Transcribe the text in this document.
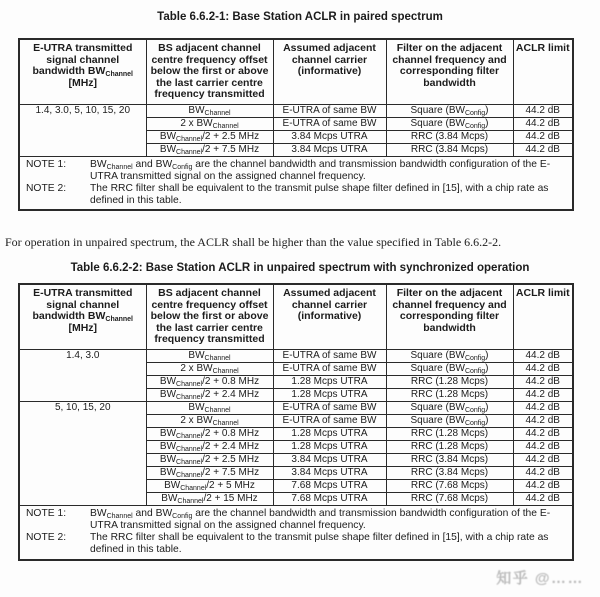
Table 6.6.2-1: Base Station ACLR in paired spectrum
E-UTRA transmitted signal channel bandwidth $BW_{Channel}$ [MHz]	BS adjacent channel centre frequency offset below the first or above the last carrier centre frequency transmitted	Assumed adjacent channel carrier (informative)	Filter on the adjacent channel frequency and corresponding filter bandwidth	ACLR limit
1.4, 3.0, 5, 10, 15, 20	$BW_{Channel}$	E-UTRA of same BW	Square $(BW_{Config})$	44.2 dB
	2 x $BW_{Channel}$	E-UTRA of same BW	Square $(BW_{Config})$	44.2 dB
	$BW_{Channel}/2 + 2.5$ MHz	3.84 Mcps UTRA	RRC (3.84 Mcps)	44.2 dB
	$BW_{Channel}/2 + 7.5$ MHz	3.84 Mcps UTRA	RRC (3.84 Mcps)	44.2 dB

NOTE 1: $BW_{Channel}$ and $BW_{Config}$ are the channel bandwidth and transmission bandwidth configuration of the E-UTRA transmitted signal on the assigned channel frequency.
NOTE 2: The RRC filter shall be equivalent to the transmit pulse shape filter defined in [15], with a chip rate as defined in this table.				

For operation in unpaired spectrum, the ACLR shall be higher than the value specified in Table 6.6.2-2.

Table 6.6.2-2: Base Station ACLR in unpaired spectrum with synchronized operation
E-UTRA transmitted signal channel bandwidth $BW_{Channel}$ [MHz]	BS adjacent channel centre frequency offset below the first or above the last carrier centre frequency transmitted	Assumed adjacent channel carrier (informative)	Filter on the adjacent channel frequency and corresponding filter bandwidth	ACLR limit
1.4, 3.0	$BW_{Channel}$	E-UTRA of same BW	Square $(BW_{Config})$	44.2 dB
	2 x $BW_{Channel}$	E-UTRA of same BW	Square $(BW_{Config})$	44.2 dB
	$BW_{Channel}/2 + 0.8$ MHz	1.28 Mcps UTRA	RRC (1.28 Mcps)	44.2 dB
	$BW_{Channel}/2 + 2.4$ MHz	1.28 Mcps UTRA	RRC (1.28 Mcps)	44.2 dB
5, 10, 15, 20	$BW_{Channel}$	E-UTRA of same BW	Square $(BW_{Config})$	44.2 dB
	2 x $BW_{Channel}$	E-UTRA of same BW	Square $(BW_{Config})$	44.2 dB
	$BW_{Channel}/2 + 0.8$ MHz	1.28 Mcps UTRA	RRC (1.28 Mcps)	44.2 dB
	$BW_{Channel}/2 + 2.4$ MHz	1.28 Mcps UTRA	RRC (1.28 Mcps)	44.2 dB
	$BW_{Channel}/2 + 2.5$ MHz	3.84 Mcps UTRA	RRC (3.84 Mcps)	44.2 dB
	$BW_{Channel}/2 + 7.5$ MHz	3.84 Mcps UTRA	RRC (3.84 Mcps)	44.2 dB
	$BW_{Channel}/2 + 5$ MHz	7.68 Mcps UTRA	RRC (7.68 Mcps)	44.2 dB
	$BW_{Channel}/2 + 15$ MHz	7.68 Mcps UTRA	RRC (7.68 Mcps)	44.2 dB

NOTE 1: $BW_{Channel}$ and $BW_{Config}$ are the channel bandwidth and transmission bandwidth configuration of the E-UTRA transmitted signal on the assigned channel frequency.
NOTE 2: The RRC filter shall be equivalent to the transmit pulse shape filter defined in [15], with a chip rate as defined in this table.				
知乎 @……
